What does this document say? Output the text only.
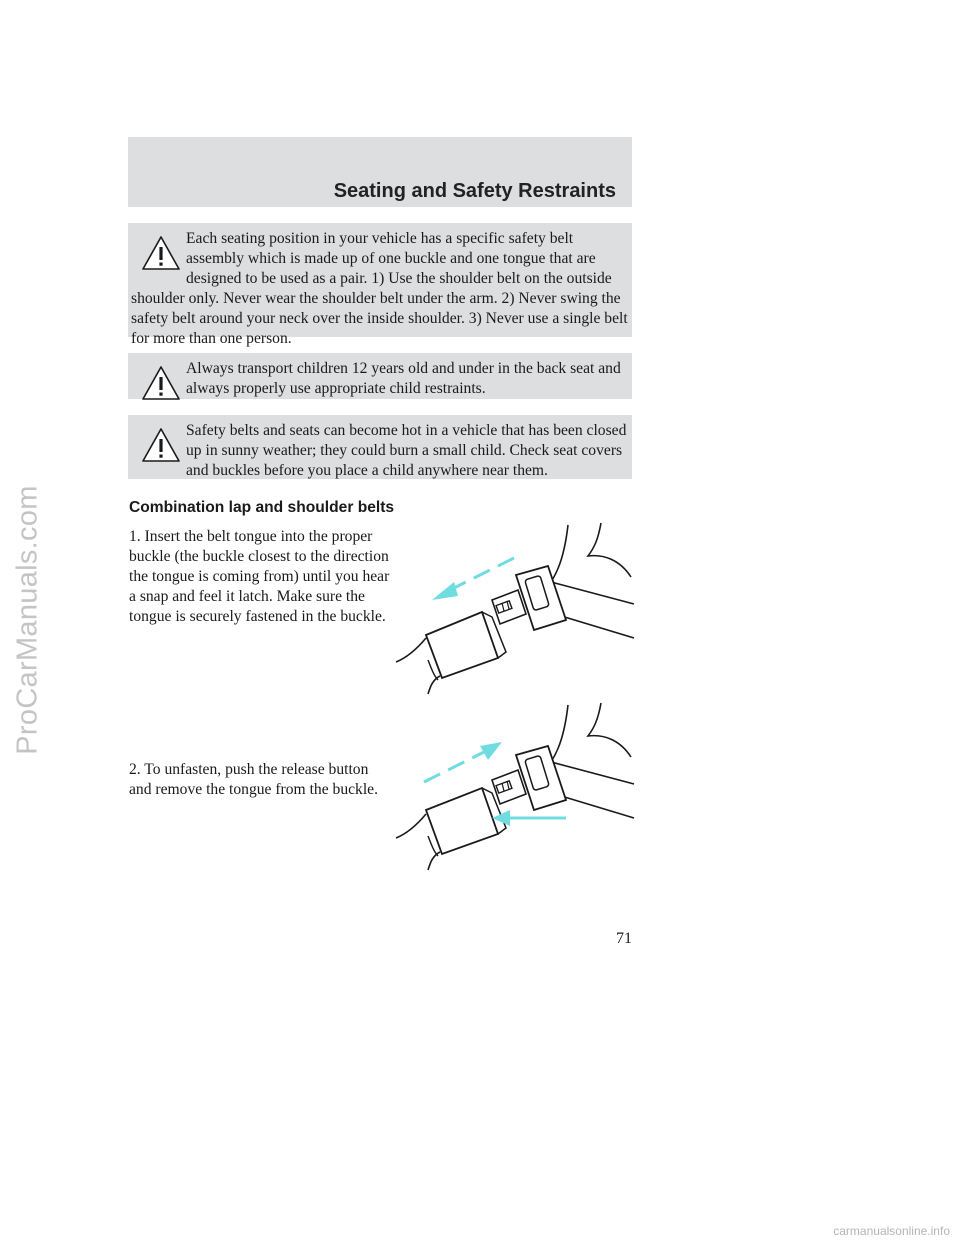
ProCarManuals.com
Seating and Safety Restraints

Each seating position in your vehicle has a specific safety belt assembly which is made up of one buckle and one tongue that are designed to be used as a pair. 1) Use the shoulder belt on the outside shoulder only. Never wear the shoulder belt under the arm. 2) Never swing the safety belt around your neck over the inside shoulder. 3) Never use a single belt for more than one person.

Always transport children 12 years old and under in the back seat and always properly use appropriate child restraints.

Safety belts and seats can become hot in a vehicle that has been closed up in sunny weather; they could burn a small child. Check seat covers and buckles before you place a child anywhere near them.

Combination lap and shoulder belts

1. Insert the belt tongue into the proper buckle (the buckle closest to the direction the tongue is coming from) until you hear a snap and feel it latch. Make sure the tongue is securely fastened in the buckle.

2. To unfasten, push the release button and remove the tongue from the buckle.

71
carmanualsonline.info
